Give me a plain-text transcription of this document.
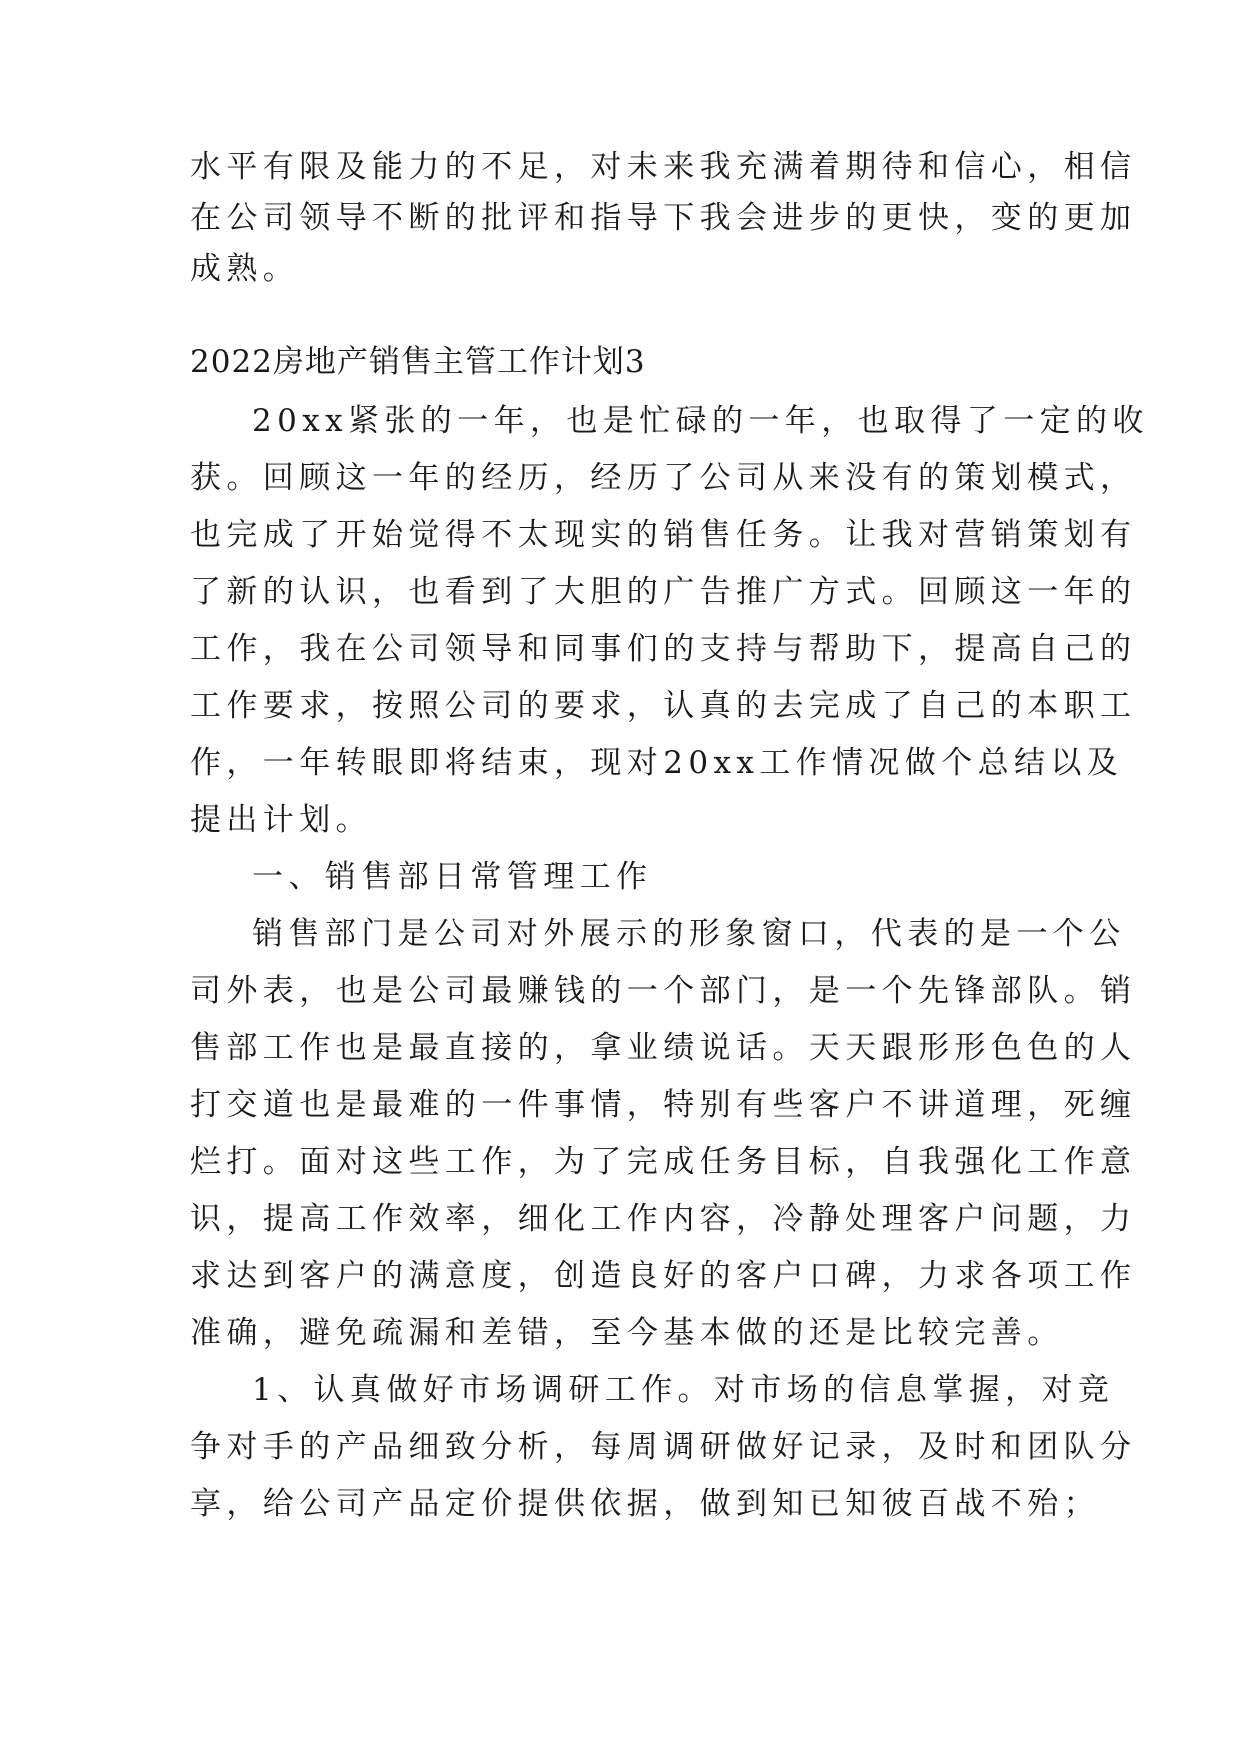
水平有限及能力的不足，对未来我充满着期待和信心，相信
在公司领导不断的批评和指导下我会进步的更快，变的更加
成熟。
2022房地产销售主管工作计划3
20xx紧张的一年，也是忙碌的一年，也取得了一定的收
获。回顾这一年的经历，经历了公司从来没有的策划模式，
也完成了开始觉得不太现实的销售任务。让我对营销策划有
了新的认识，也看到了大胆的广告推广方式。回顾这一年的
工作，我在公司领导和同事们的支持与帮助下，提高自己的
工作要求，按照公司的要求，认真的去完成了自己的本职工
作，一年转眼即将结束，现对20xx工作情况做个总结以及
提出计划。
一、销售部日常管理工作
销售部门是公司对外展示的形象窗口，代表的是一个公
司外表，也是公司最赚钱的一个部门，是一个先锋部队。销
售部工作也是最直接的，拿业绩说话。天天跟形形色色的人
打交道也是最难的一件事情，特别有些客户不讲道理，死缠
烂打。面对这些工作，为了完成任务目标，自我强化工作意
识，提高工作效率，细化工作内容，冷静处理客户问题，力
求达到客户的满意度，创造良好的客户口碑，力求各项工作
准确，避免疏漏和差错，至今基本做的还是比较完善。
1、认真做好市场调研工作。对市场的信息掌握，对竞
争对手的产品细致分析，每周调研做好记录，及时和团队分
享，给公司产品定价提供依据，做到知已知彼百战不殆；
